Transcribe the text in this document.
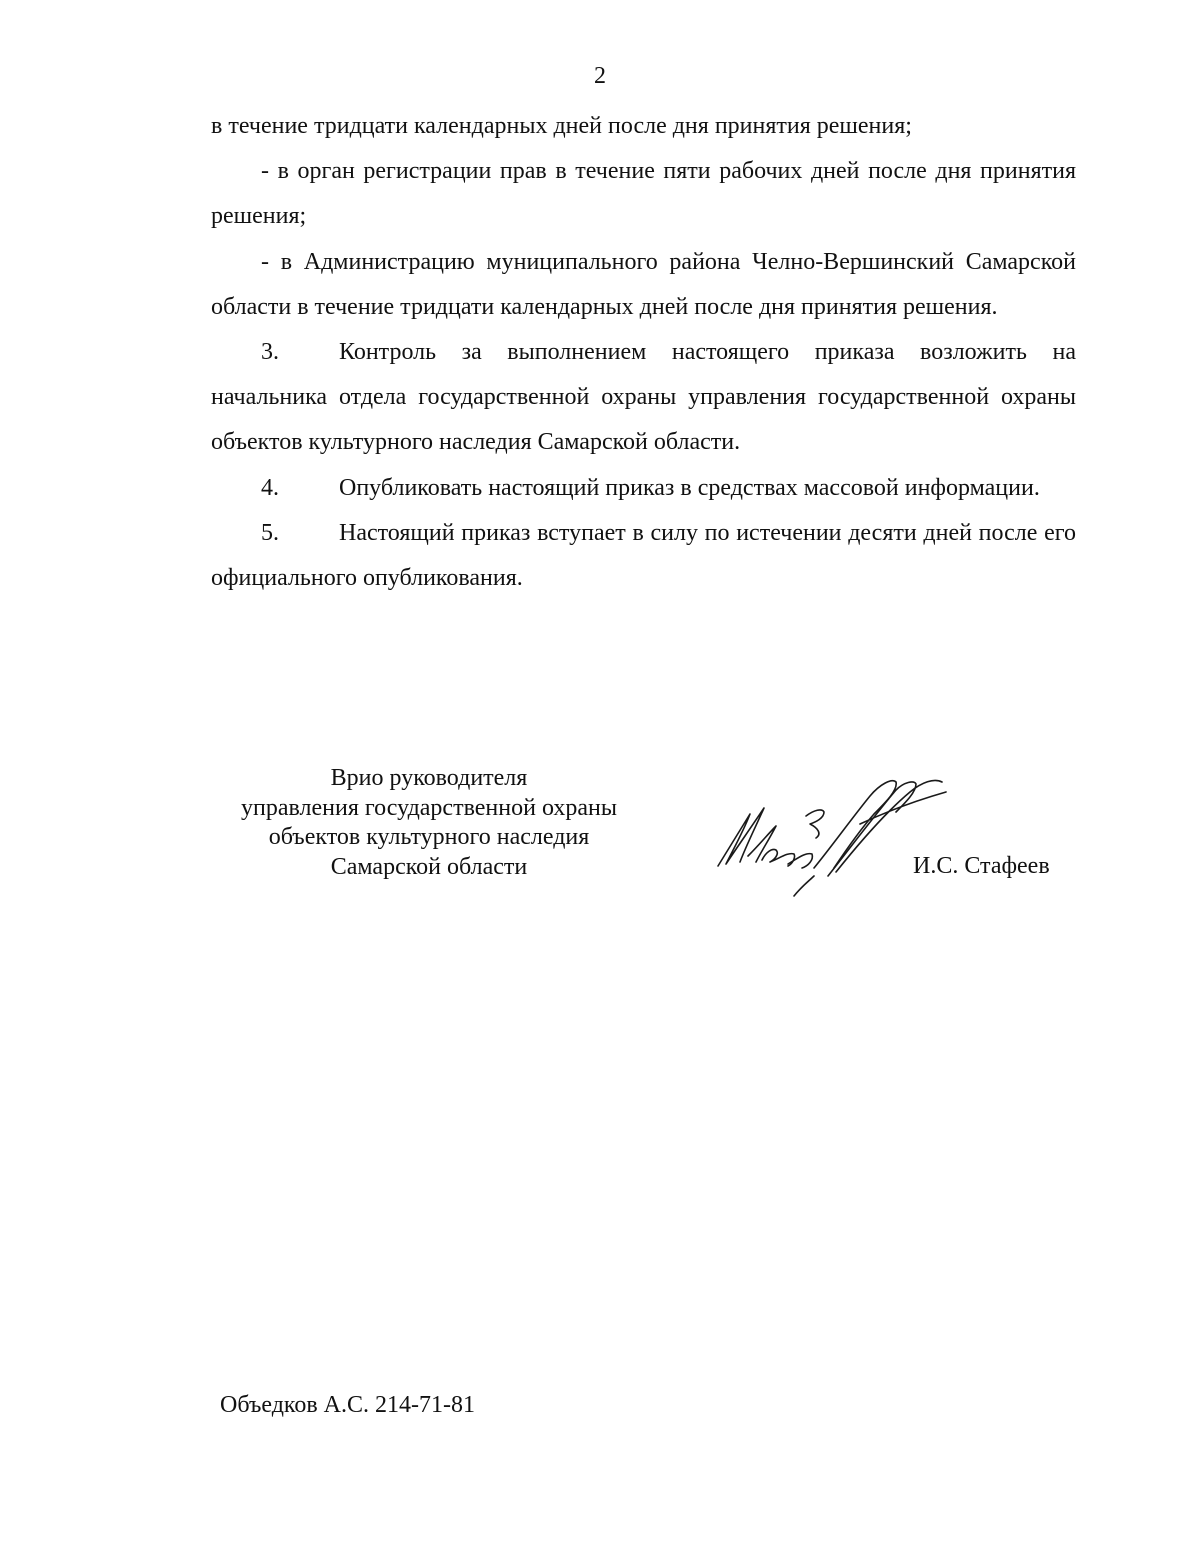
2

в течение тридцати календарных дней после дня принятия решения;

- в орган регистрации прав в течение пяти рабочих дней после дня принятия решения;

- в Администрацию муниципального района Челно-Вершинский Самарской области в течение тридцати календарных дней после дня принятия решения.

3.	Контроль за выполнением настоящего приказа возложить на начальника отдела государственной охраны управления государственной охраны объектов культурного наследия Самарской области.

4.	Опубликовать настоящий приказ в средствах массовой информации.

5.	Настоящий приказ вступает в силу по истечении десяти дней после его официального опубликования.

Врио руководителя
управления государственной охраны
объектов культурного наследия
Самарской области	И.С. Стафеев
Объедков А.С. 214-71-81
